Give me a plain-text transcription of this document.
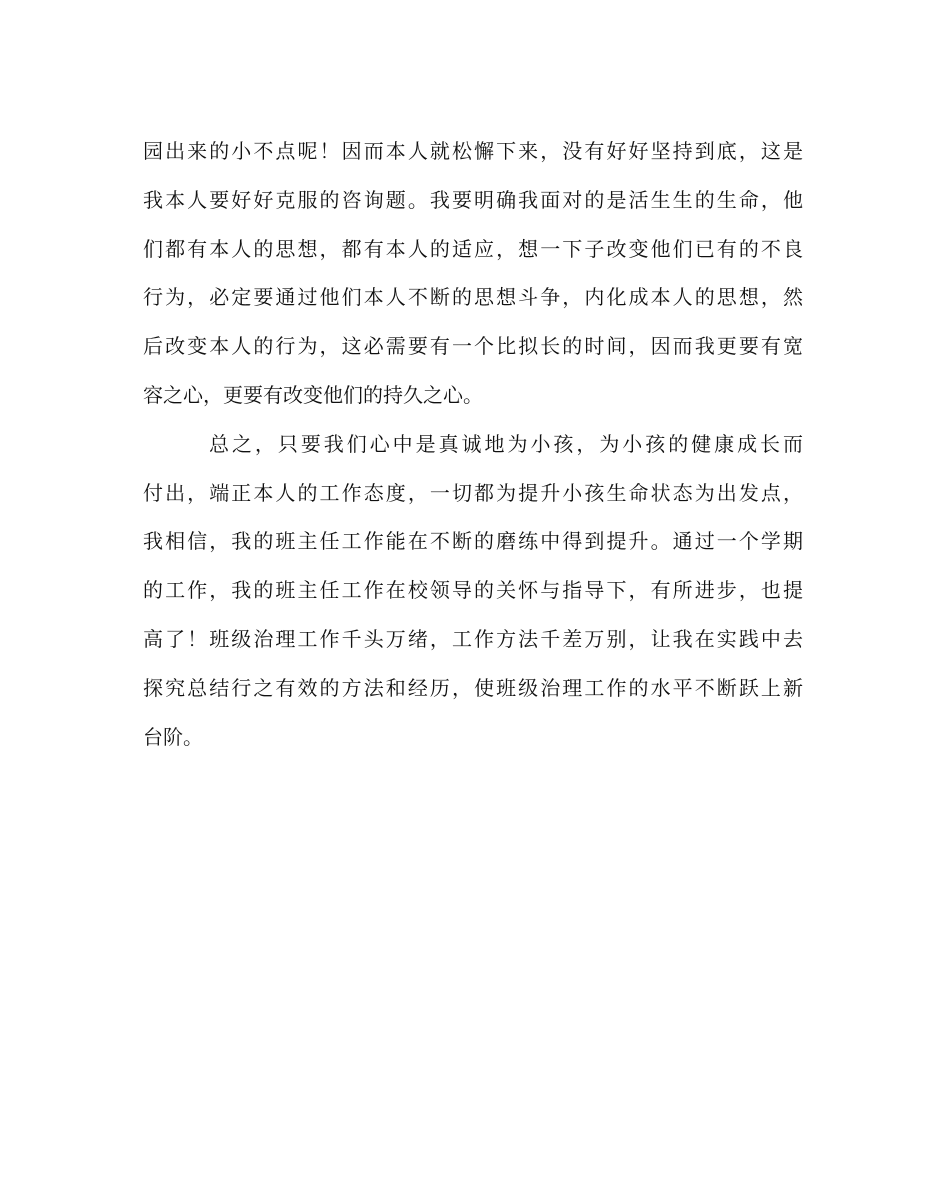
园出来的小不点呢！因而本人就松懈下来，没有好好坚持到底，这是
我本人要好好克服的咨询题。我要明确我面对的是活生生的生命，他
们都有本人的思想，都有本人的适应，想一下子改变他们已有的不良
行为，必定要通过他们本人不断的思想斗争，内化成本人的思想，然
后改变本人的行为，这必需要有一个比拟长的时间，因而我更要有宽
容之心，更要有改变他们的持久之心。

总之，只要我们心中是真诚地为小孩，为小孩的健康成长而
付出，端正本人的工作态度，一切都为提升小孩生命状态为出发点，
我相信，我的班主任工作能在不断的磨练中得到提升。通过一个学期
的工作，我的班主任工作在校领导的关怀与指导下，有所进步，也提
高了！班级治理工作千头万绪，工作方法千差万别，让我在实践中去
探究总结行之有效的方法和经历，使班级治理工作的水平不断跃上新
台阶。
